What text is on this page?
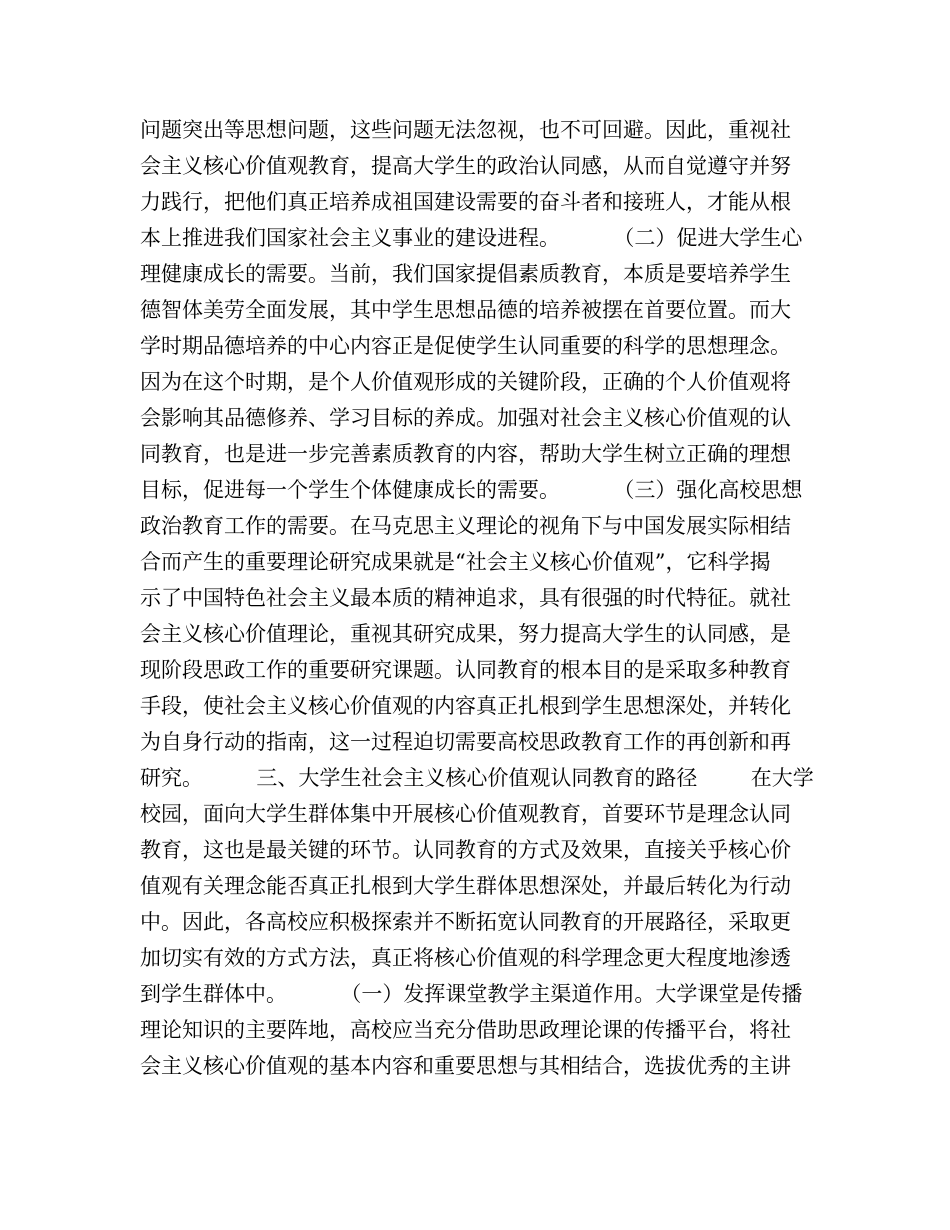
问题突出等思想问题，这些问题无法忽视，也不可回避。因此，重视社
会主义核心价值观教育，提高大学生的政治认同感，从而自觉遵守并努
力践行，把他们真正培养成祖国建设需要的奋斗者和接班人，才能从根
本上推进我们国家社会主义事业的建设进程。        （二）促进大学生心
理健康成长的需要。当前，我们国家提倡素质教育，本质是要培养学生
德智体美劳全面发展，其中学生思想品德的培养被摆在首要位置。而大
学时期品德培养的中心内容正是促使学生认同重要的科学的思想理念。
因为在这个时期，是个人价值观形成的关键阶段，正确的个人价值观将
会影响其品德修养、学习目标的养成。加强对社会主义核心价值观的认
同教育，也是进一步完善素质教育的内容，帮助大学生树立正确的理想
目标，促进每一个学生个体健康成长的需要。        （三）强化高校思想
政治教育工作的需要。在马克思主义理论的视角下与中国发展实际相结
合而产生的重要理论研究成果就是“社会主义核心价值观”，它科学揭
示了中国特色社会主义最本质的精神追求，具有很强的时代特征。就社
会主义核心价值理论，重视其研究成果，努力提高大学生的认同感，是
现阶段思政工作的重要研究课题。认同教育的根本目的是采取多种教育
手段，使社会主义核心价值观的内容真正扎根到学生思想深处，并转化
为自身行动的指南，这一过程迫切需要高校思政教育工作的再创新和再
研究。        三、大学生社会主义核心价值观认同教育的路径        在大学
校园，面向大学生群体集中开展核心价值观教育，首要环节是理念认同
教育，这也是最关键的环节。认同教育的方式及效果，直接关乎核心价
值观有关理念能否真正扎根到大学生群体思想深处，并最后转化为行动
中。因此，各高校应积极探索并不断拓宽认同教育的开展路径，采取更
加切实有效的方式方法，真正将核心价值观的科学理念更大程度地渗透
到学生群体中。        （一）发挥课堂教学主渠道作用。大学课堂是传播
理论知识的主要阵地，高校应当充分借助思政理论课的传播平台，将社
会主义核心价值观的基本内容和重要思想与其相结合，选拔优秀的主讲
